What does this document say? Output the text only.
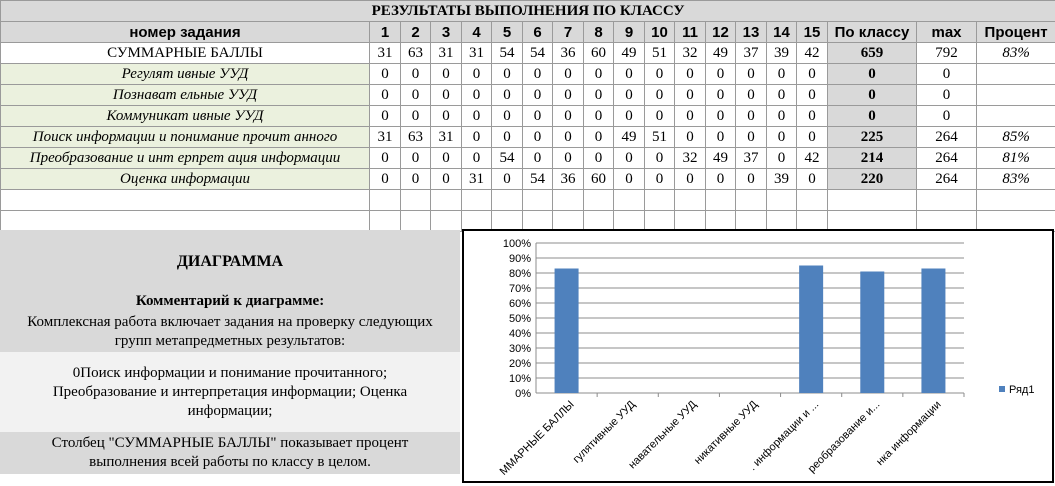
РЕЗУЛЬТАТЫ ВЫПОЛНЕНИЯ ПО КЛАССУ																		
номер задания	1	2	3	4	5	6	7	8	9	10	11	12	13	14	15	По классу	max	Процент
СУММАРНЫЕ БАЛЛЫ	31	63	31	31	54	54	36	60	49	51	32	49	37	39	42	659	792	83%
Регулят ивные УУД	0	0	0	0	0	0	0	0	0	0	0	0	0	0	0	0	0	
Познават ельные УУД	0	0	0	0	0	0	0	0	0	0	0	0	0	0	0	0	0	
Коммуникат ивные УУД	0	0	0	0	0	0	0	0	0	0	0	0	0	0	0	0	0	
Поиск информации и понимание прочит анного	31	63	31	0	0	0	0	0	49	51	0	0	0	0	0	225	264	85%
Преобразование и инт ерпрет ация информации	0	0	0	0	54	0	0	0	0	0	32	49	37	0	42	214	264	81%
Оценка информации	0	0	0	31	0	54	36	60	0	0	0	0	0	39	0	220	264	83%

ДИАГРАММА
Комментарий к диаграмме:
Комплексная работа включает задания на проверку следующих групп метапредметных результатов:
0Поиск информации и понимание прочитанного; Преобразование и интерпретация информации; Оценка информации;
Столбец "СУММАРНЫЕ БАЛЛЫ" показывает процент выполнения всей работы по классу в целом.
0%
10%
20%
30%
40%
50%
60%
70%
80%
90%
100%
ММАРНЫЕ БАЛЛЫ
гулятивные УУД
навательные УУД
никативные УУД
. информации и ...
реобразование и...
нка информации
Ряд1
